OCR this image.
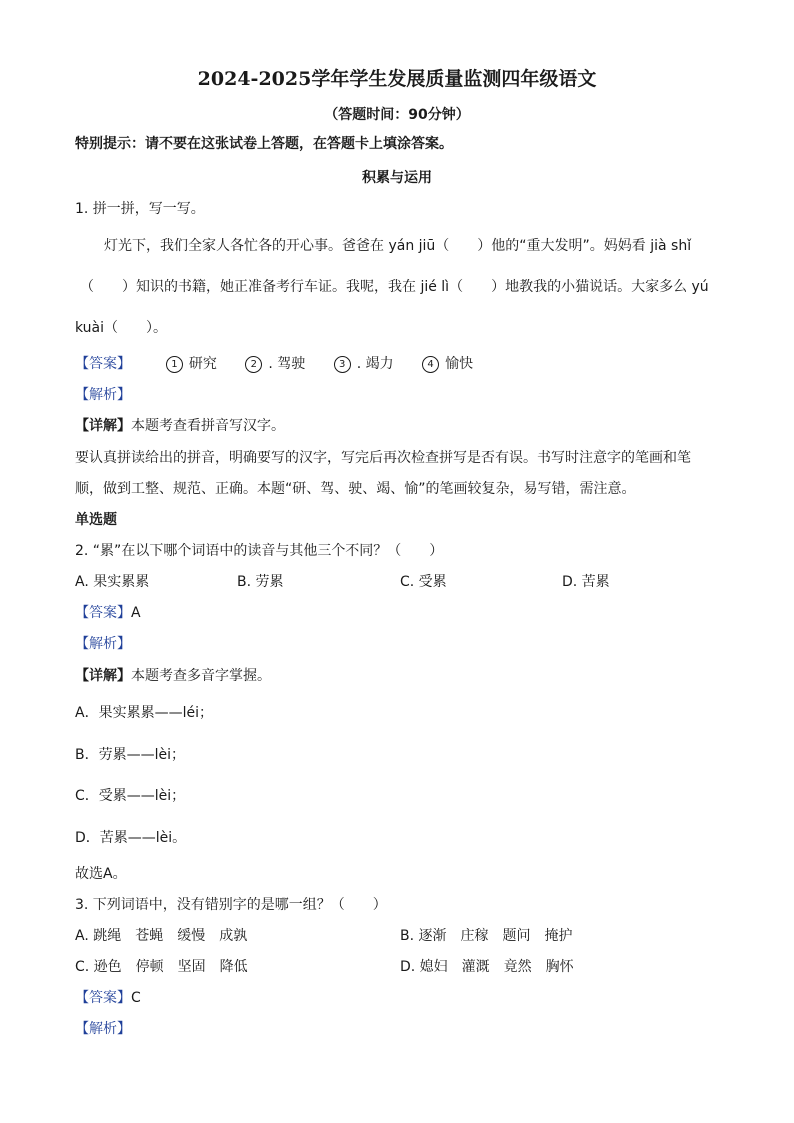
2024-2025学年学生发展质量监测四年级语文
（答题时间：90分钟）
特别提示：请不要在这张试卷上答题，在答题卡上填涂答案。
积累与运用
1. 拼一拼，写一写。
灯光下，我们全家人各忙各的开心事。爸爸在 yán jiū（　　）他的“重大发明”。妈妈看 jià shǐ
（　　）知识的书籍，她正准备考行车证。我呢，我在 jié lì（　　）地教我的小猫说话。大家多么 yú
kuài（　　）。
【答案】	1 研究	2 . 驾驶	3 . 竭力	4 愉快
【解析】
【详解】本题考查看拼音写汉字。
要认真拼读给出的拼音，明确要写的汉字，写完后再次检查拼写是否有误。书写时注意字的笔画和笔
顺，做到工整、规范、正确。本题“研、驾、驶、竭、愉”的笔画较复杂，易写错，需注意。
单选题
2. “累”在以下哪个词语中的读音与其他三个不同？（　　）
A. 果实累累	B. 劳累	C. 受累	D. 苦累
【答案】A
【解析】
【详解】本题考查多音字掌握。
A．果实累累——léi；
B．劳累——lèi；
C．受累——lèi；
D．苦累——lèi。
故选A。
3. 下列词语中，没有错别字的是哪一组？（　　）
A. 跳绳　苍蝇　缓慢　成孰	B. 逐渐　庄稼　题问　掩护
C. 逊色　停顿　坚固　降低	D. 媳妇　灌溉　竟然　胸怀
【答案】C
【解析】
